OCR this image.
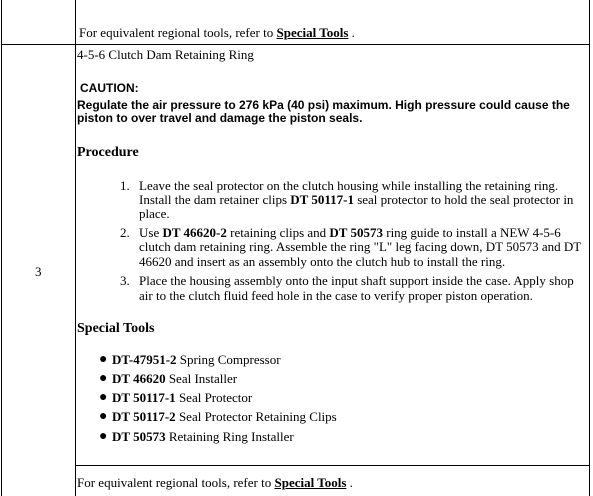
For equivalent regional tools, refer to Special Tools .
3
4-5-6 Clutch Dam Retaining Ring
CAUTION:
Regulate the air pressure to 276 kPa (40 psi) maximum. High pressure could cause the
piston to over travel and damage the piston seals.
Procedure
1. Leave the seal protector on the clutch housing while installing the retaining ring.
Install the dam retainer clips DT 50117-1 seal protector to hold the seal protector in
place.
2. Use DT 46620-2 retaining clips and DT 50573 ring guide to install a NEW 4-5-6
clutch dam retaining ring. Assemble the ring "L" leg facing down, DT 50573 and DT
46620 and insert as an assembly onto the clutch hub to install the ring.
3. Place the housing assembly onto the input shaft support inside the case. Apply shop
air to the clutch fluid feed hole in the case to verify proper piston operation.
Special Tools
● DT-47951-2 Spring Compressor
● DT 46620 Seal Installer
● DT 50117-1 Seal Protector
● DT 50117-2 Seal Protector Retaining Clips
● DT 50573 Retaining Ring Installer
For equivalent regional tools, refer to Special Tools .
